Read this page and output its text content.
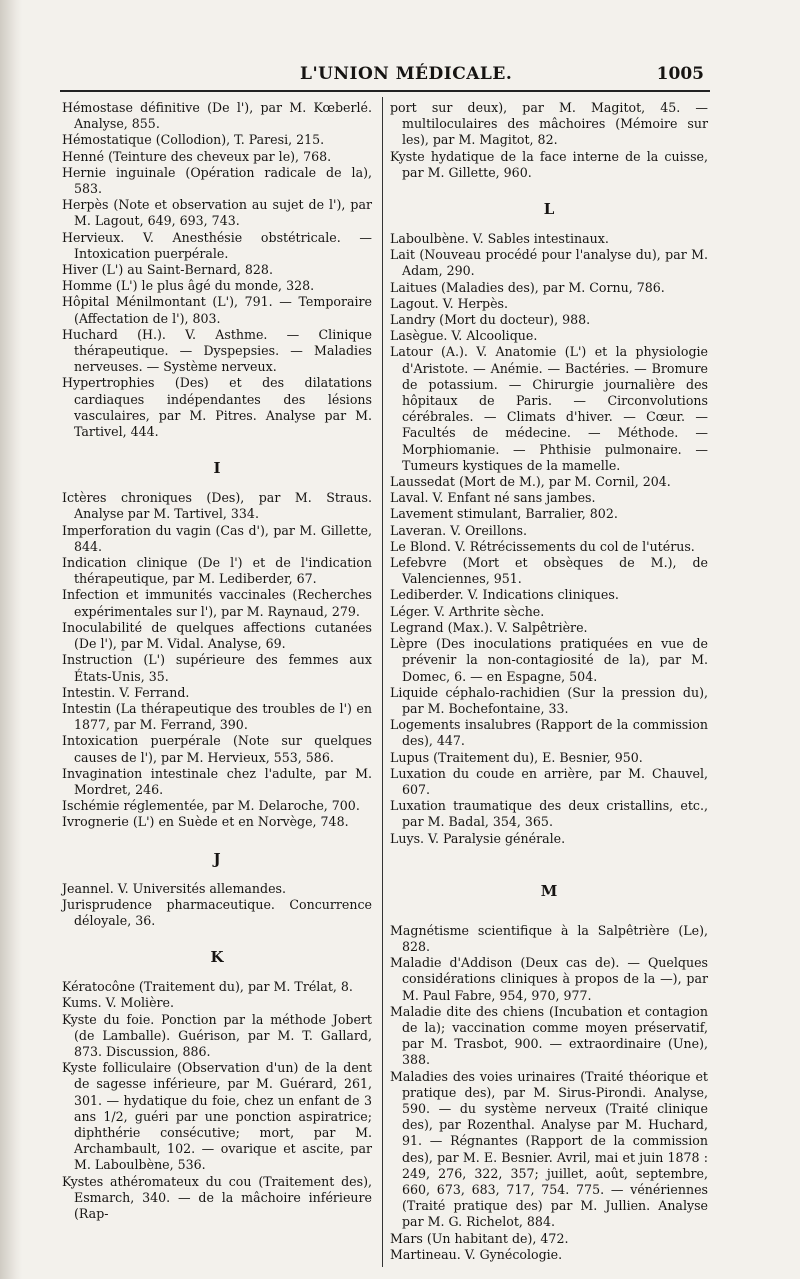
L'UNION MÉDICALE.	1005

Hémostase définitive (De l'), par M. Kœberlé. Analyse, 855.

Hémostatique (Collodion), T. Paresi, 215.

Henné (Teinture des cheveux par le), 768.

Hernie inguinale (Opération radicale de la), 583.

Herpès (Note et observation au sujet de l'), par M. Lagout, 649, 693, 743.

Hervieux. V. Anesthésie obstétricale. — Intoxication puerpérale.

Hiver (L') au Saint-Bernard, 828.

Homme (L') le plus âgé du monde, 328.

Hôpital Ménilmontant (L'), 791. — Temporaire (Affectation de l'), 803.

Huchard (H.). V. Asthme. — Clinique thérapeutique. — Dyspepsies. — Maladies nerveuses. — Système nerveux.

Hypertrophies (Des) et des dilatations cardiaques indépendantes des lésions vasculaires, par M. Pitres. Analyse par M. Tartivel, 444.

I

Ictères chroniques (Des), par M. Straus. Analyse par M. Tartivel, 334.

Imperforation du vagin (Cas d'), par M. Gillette, 844.

Indication clinique (De l') et de l'indication thérapeutique, par M. Lediberder, 67.

Infection et immunités vaccinales (Recherches expérimentales sur l'), par M. Raynaud, 279.

Inoculabilité de quelques affections cutanées (De l'), par M. Vidal. Analyse, 69.

Instruction (L') supérieure des femmes aux États-Unis, 35.

Intestin. V. Ferrand.

Intestin (La thérapeutique des troubles de l') en 1877, par M. Ferrand, 390.

Intoxication puerpérale (Note sur quelques causes de l'), par M. Hervieux, 553, 586.

Invagination intestinale chez l'adulte, par M. Mordret, 246.

Ischémie réglementée, par M. Delaroche, 700.

Ivrognerie (L') en Suède et en Norvège, 748.

J

Jeannel. V. Universités allemandes.

Jurisprudence pharmaceutique. Concurrence déloyale, 36.

K

Kératocône (Traitement du), par M. Trélat, 8.

Kums. V. Molière.

Kyste du foie. Ponction par la méthode Jobert (de Lamballe). Guérison, par M. T. Gallard, 873. Discussion, 886.

Kyste folliculaire (Observation d'un) de la dent de sagesse inférieure, par M. Guérard, 261, 301. — hydatique du foie, chez un enfant de 3 ans 1/2, guéri par une ponction aspiratrice; diphthérie consécutive; mort, par M. Archambault, 102. — ovarique et ascite, par M. Laboulbène, 536.

Kystes athéromateux du cou (Traitement des), Esmarch, 340. — de la mâchoire inférieure (Rap-

port sur deux), par M. Magitot, 45. — multiloculaires des mâchoires (Mémoire sur les), par M. Magitot, 82.

Kyste hydatique de la face interne de la cuisse, par M. Gillette, 960.

L

Laboulbène. V. Sables intestinaux.

Lait (Nouveau procédé pour l'analyse du), par M. Adam, 290.

Laitues (Maladies des), par M. Cornu, 786.

Lagout. V. Herpès.

Landry (Mort du docteur), 988.

Lasègue. V. Alcoolique.

Latour (A.). V. Anatomie (L') et la physiologie d'Aristote. — Anémie. — Bactéries. — Bromure de potassium. — Chirurgie journalière des hôpitaux de Paris. — Circonvolutions cérébrales. — Climats d'hiver. — Cœur. — Facultés de médecine. — Méthode. — Morphiomanie. — Phthisie pulmonaire. — Tumeurs kystiques de la mamelle.

Laussedat (Mort de M.), par M. Cornil, 204.

Laval. V. Enfant né sans jambes.

Lavement stimulant, Barralier, 802.

Laveran. V. Oreillons.

Le Blond. V. Rétrécissements du col de l'utérus.

Lefebvre (Mort et obsèques de M.), de Valenciennes, 951.

Lediberder. V. Indications cliniques.

Léger. V. Arthrite sèche.

Legrand (Max.). V. Salpêtrière.

Lèpre (Des inoculations pratiquées en vue de prévenir la non-contagiosité de la), par M. Domec, 6. — en Espagne, 504.

Liquide céphalo-rachidien (Sur la pression du), par M. Bochefontaine, 33.

Logements insalubres (Rapport de la commission des), 447.

Lupus (Traitement du), E. Besnier, 950.

Luxation du coude en arrière, par M. Chauvel, 607.

Luxation traumatique des deux cristallins, etc., par M. Badal, 354, 365.

Luys. V. Paralysie générale.

M

Magnétisme scientifique à la Salpêtrière (Le), 828.

Maladie d'Addison (Deux cas de). — Quelques considérations cliniques à propos de la —), par M. Paul Fabre, 954, 970, 977.

Maladie dite des chiens (Incubation et contagion de la); vaccination comme moyen préservatif, par M. Trasbot, 900. — extraordinaire (Une), 388.

Maladies des voies urinaires (Traité théorique et pratique des), par M. Sirus-Pirondi. Analyse, 590. — du système nerveux (Traité clinique des), par Rozenthal. Analyse par M. Huchard, 91. — Régnantes (Rapport de la commission des), par M. E. Besnier. Avril, mai et juin 1878 : 249, 276, 322, 357; juillet, août, septembre, 660, 673, 683, 717, 754. 775. — vénériennes (Traité pratique des) par M. Jullien. Analyse par M. G. Richelot, 884.

Mars (Un habitant de), 472.

Martineau. V. Gynécologie.
